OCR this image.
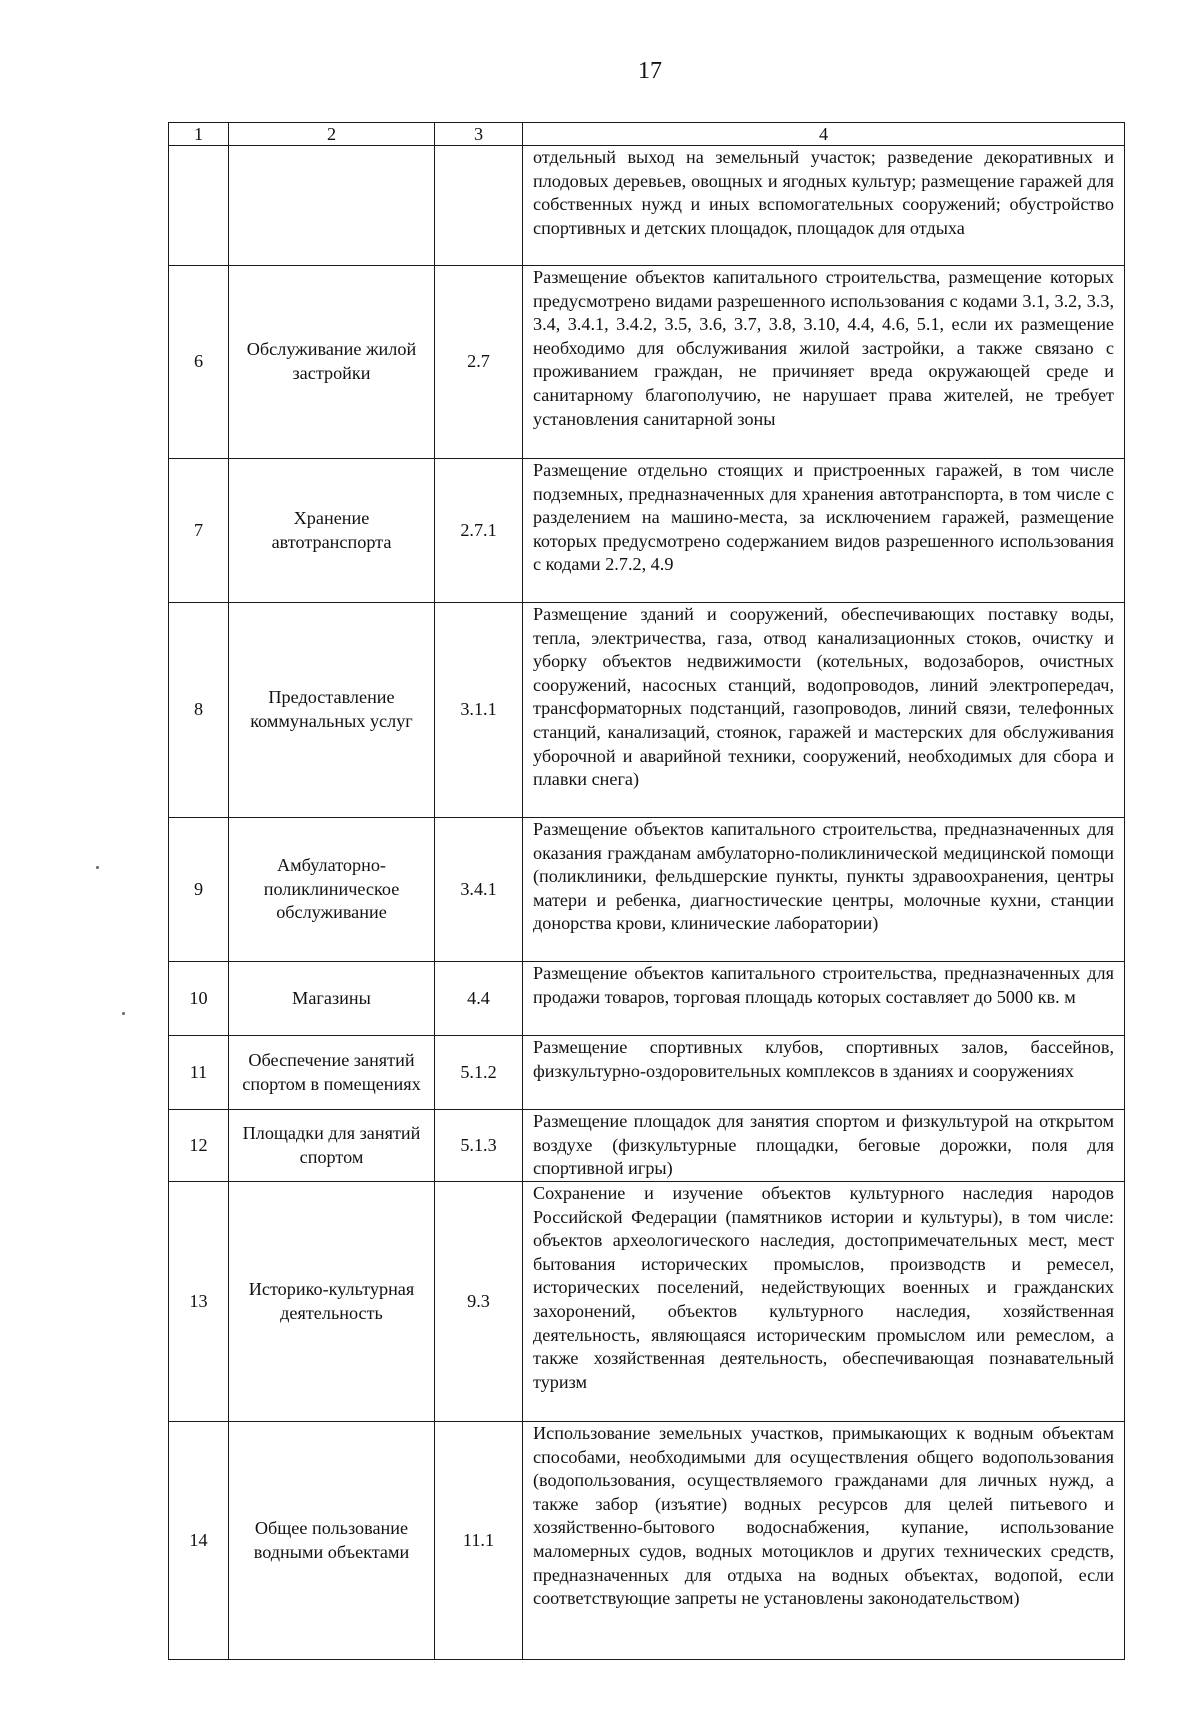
17
1	2	3	4
			отдельный выход на земельный участок; разведение декоративных и плодовых деревьев, овощных и ягодных культур; размещение гаражей для собственных нужд и иных вспомогательных сооружений; обустройство спортивных и детских площадок, площадок для отдыха
6	Обслуживание жилой застройки	2.7	Размещение объектов капитального строительства, размещение которых предусмотрено видами разрешенного использования с кодами 3.1, 3.2, 3.3, 3.4, 3.4.1, 3.4.2, 3.5, 3.6, 3.7, 3.8, 3.10, 4.4, 4.6, 5.1, если их размещение необходимо для обслуживания жилой застройки, а также связано с проживанием граждан, не причиняет вреда окружающей среде и санитарному благополучию, не нарушает права жителей, не требует установления санитарной зоны
7	Хранение автотранспорта	2.7.1	Размещение отдельно стоящих и пристроенных гаражей, в том числе подземных, предназначенных для хранения автотранспорта, в том числе с разделением на машино-места, за исключением гаражей, размещение которых предусмотрено содержанием видов разрешенного использования с кодами 2.7.2, 4.9
8	Предоставление коммунальных услуг	3.1.1	Размещение зданий и сооружений, обеспечивающих поставку воды, тепла, электричества, газа, отвод канализационных стоков, очистку и уборку объектов недвижимости (котельных, водозаборов, очистных сооружений, насосных станций, водопроводов, линий электропередач, трансформаторных подстанций, газопроводов, линий связи, телефонных станций, канализаций, стоянок, гаражей и мастерских для обслуживания уборочной и аварийной техники, сооружений, необходимых для сбора и плавки снега)
9	Амбулаторно-поликлиническое обслуживание	3.4.1	Размещение объектов капитального строительства, предназначенных для оказания гражданам амбулаторно-поликлинической медицинской помощи (поликлиники, фельдшерские пункты, пункты здравоохранения, центры матери и ребенка, диагностические центры, молочные кухни, станции донорства крови, клинические лаборатории)
10	Магазины	4.4	Размещение объектов капитального строительства, предназначенных для продажи товаров, торговая площадь которых составляет до 5000 кв. м
11	Обеспечение занятий спортом в помещениях	5.1.2	Размещение спортивных клубов, спортивных залов, бассейнов, физкультурно-оздоровительных комплексов в зданиях и сооружениях
12	Площадки для занятий спортом	5.1.3	Размещение площадок для занятия спортом и физкультурой на открытом воздухе (физкультурные площадки, беговые дорожки, поля для спортивной игры)
13	Историко-культурная деятельность	9.3	Сохранение и изучение объектов культурного наследия народов Российской Федерации (памятников истории и культуры), в том числе: объектов археологического наследия, достопримечательных мест, мест бытования исторических промыслов, производств и ремесел, исторических поселений, недействующих военных и гражданских захоронений, объектов культурного наследия, хозяйственная деятельность, являющаяся историческим промыслом или ремеслом, а также хозяйственная деятельность, обеспечивающая познавательный туризм
14	Общее пользование водными объектами	11.1	Использование земельных участков, примыкающих к водным объектам способами, необходимыми для осуществления общего водопользования (водопользования, осуществляемого гражданами для личных нужд, а также забор (изъятие) водных ресурсов для целей питьевого и хозяйственно-бытового водоснабжения, купание, использование маломерных судов, водных мотоциклов и других технических средств, предназначенных для отдыха на водных объектах, водопой, если соответствующие запреты не установлены законодательством)
